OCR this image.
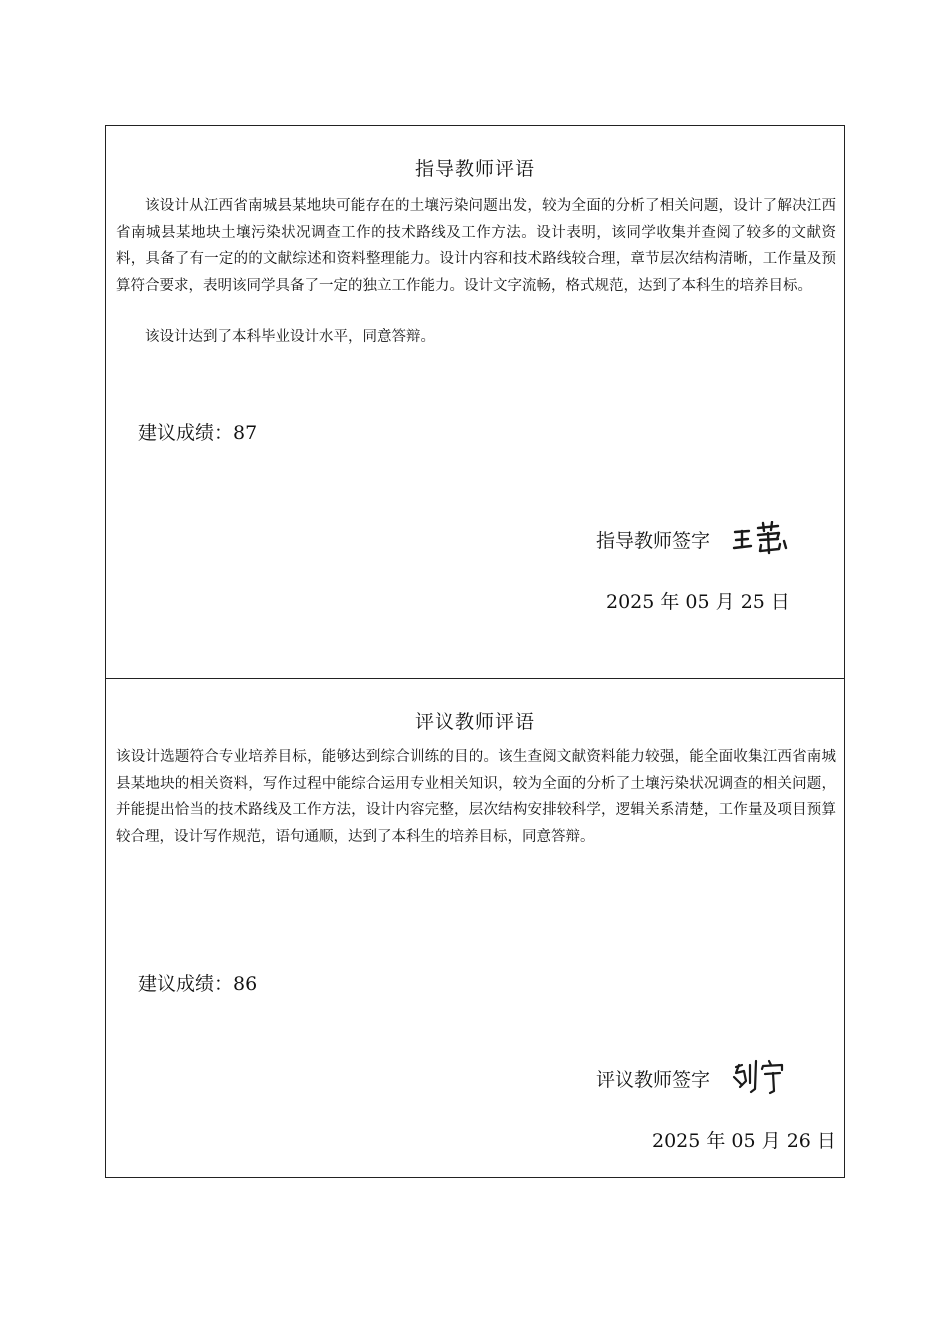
指导教师评语

该设计从江西省南城县某地块可能存在的土壤污染问题出发，较为全面的分析了相关问题，设计了解决江西省南城县某地块土壤污染状况调查工作的技术路线及工作方法。设计表明，该同学收集并查阅了较多的文献资料，具备了有一定的的文献综述和资料整理能力。设计内容和技术路线较合理，章节层次结构清晰，工作量及预算符合要求，表明该同学具备了一定的独立工作能力。设计文字流畅，格式规范，达到了本科生的培养目标。

该设计达到了本科毕业设计水平，同意答辩。

建议成绩：87
指导教师签字
2025 年 05 月 25 日
评议教师评语

该设计选题符合专业培养目标，能够达到综合训练的目的。该生查阅文献资料能力较强，能全面收集江西省南城县某地块的相关资料，写作过程中能综合运用专业相关知识，较为全面的分析了土壤污染状况调查的相关问题，并能提出恰当的技术路线及工作方法，设计内容完整，层次结构安排较科学，逻辑关系清楚，工作量及项目预算较合理，设计写作规范，语句通顺，达到了本科生的培养目标，同意答辩。

建议成绩：86
评议教师签字
2025 年 05 月 26 日
